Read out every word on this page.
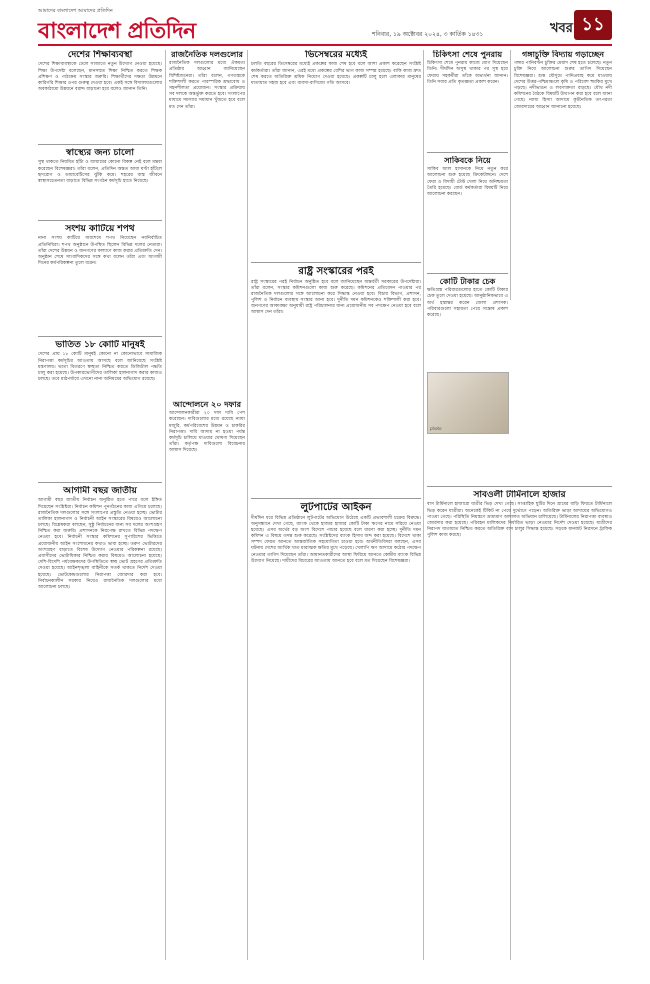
আমাদের বাংলাদেশ আমাদের প্রতিদিন
বাংলাদেশ প্রতিদিন	শনিবার, ১৯ অক্টোবর ২০২৪, ৩ কার্তিক ১৪৩১	খবর ১১
দেশের শিক্ষাব্যবস্থা

দেশের শিক্ষাব্যবস্থাকে ঢেলে সাজাতে নতুন উদ্যোগ নেওয়া হয়েছে। শিক্ষা উপদেষ্টা বলেছেন, মানসম্মত শিক্ষা নিশ্চিত করতে শিক্ষক প্রশিক্ষণ ও পাঠ্যক্রম সংস্কার জরুরি। শিক্ষার্থীদের দক্ষতা উন্নয়নে কারিগরি শিক্ষার ওপর গুরুত্ব দেওয়া হবে। একই সঙ্গে বিদ্যালয়গুলোর অবকাঠামো উন্নয়নে বরাদ্দ বাড়ানো হবে বলেও জানান তিনি।

স্বাস্থ্যের জন্য চালো

সুস্থ থাকতে নিয়মিত হাঁটা ও ব্যায়ামের কোনো বিকল্প নেই বলে মন্তব্য করেছেন বিশেষজ্ঞরা। তাঁরা বলেন, প্রতিদিন অন্তত আধা ঘণ্টা হাঁটলে হৃদরোগ ও ডায়াবেটিসের ঝুঁকি কমে। শহরের ব্যস্ত জীবনে স্বাস্থ্যসচেতনতা বাড়াতে বিভিন্ন সংগঠন কর্মসূচি হাতে নিয়েছে।

সংশয় কাটিয়ে শপথ

নানা সংশয় কাটিয়ে অবশেষে শপথ নিয়েছেন নবনির্বাচিত প্রতিনিধিরা। শপথ অনুষ্ঠানে উপস্থিত ছিলেন বিভিন্ন দলের নেতারা। তাঁরা দেশের উন্নয়ন ও জনগণের কল্যাণে কাজ করার প্রতিশ্রুতি দেন। অনুষ্ঠান শেষে সাংবাদিকদের সঙ্গে কথা বলেন তাঁরা এবং আগামী দিনের কর্মপরিকল্পনা তুলে ধরেন।

ভাতিত ১৮ কোটি মানুষই

দেশের প্রায় ১৮ কোটি মানুষই কোনো না কোনোভাবে সামাজিক নিরাপত্তা কর্মসূচির আওতায় আসছে বলে জানিয়েছে সংশ্লিষ্ট মন্ত্রণালয়। ভাতা বিতরণে স্বচ্ছতা নিশ্চিত করতে ডিজিটাল পদ্ধতি চালু করা হয়েছে। উপকারভোগীদের তালিকা হালনাগাদ করার কাজও চলছে। তবে মাঠপর্যায়ে এখনো নানা অনিয়মের অভিযোগ রয়েছে।

আগামী বছর জাতীয়

আগামী বছর জাতীয় নির্বাচন অনুষ্ঠিত হতে পারে বলে ইঙ্গিত দিয়েছেন সংশ্লিষ্টরা। নির্বাচন কমিশন পুনর্গঠনের কাজ এগিয়ে চলেছে। রাজনৈতিক দলগুলোর সঙ্গে সংলাপের প্রস্তুতি নেওয়া হচ্ছে। ভোটার তালিকা হালনাগাদ ও নির্বাচনী আইন সংস্কারের বিষয়েও আলোচনা চলছে। বিশ্লেষকরা বলছেন, সুষ্ঠু নির্বাচনের জন্য সব দলের অংশগ্রহণ নিশ্চিত করা জরুরি। প্রশাসনকে নিরপেক্ষ রাখতে বিভিন্ন পদক্ষেপ নেওয়া হবে। নির্বাচনী সংস্কার কমিশনের সুপারিশের ভিত্তিতে প্রয়োজনীয় আইন সংশোধনের কথাও ভাবা হচ্ছে। তরুণ ভোটারদের অংশগ্রহণ বাড়াতে বিশেষ উদ্যোগ নেওয়ার পরিকল্পনা রয়েছে। প্রবাসীদের ভোটাধিকার নিশ্চিত করার বিষয়েও আলোচনা হয়েছে। দেশি-বিদেশি পর্যবেক্ষকদের উপস্থিতিতে স্বচ্ছ ভোট গ্রহণের প্রতিশ্রুতি দেওয়া হয়েছে। আইনশৃঙ্খলা বাহিনীকে সতর্ক থাকতে নির্দেশ দেওয়া হয়েছে। ভোটকেন্দ্রগুলোর নিরাপত্তা জোরদার করা হবে। নির্বাচনকালীন সরকার নিয়েও রাজনৈতিক দলগুলোর মধ্যে আলোচনা চলছে।

রাজনৈতিক দলগুলোর

রাজনৈতিক দলগুলোর মধ্যে ঐকমত্য প্রতিষ্ঠার আহ্বান জানিয়েছেন বিশিষ্টজনেরা। তাঁরা বলেন, গণতন্ত্রকে শক্তিশালী করতে পারস্পরিক শ্রদ্ধাবোধ ও সহনশীলতা প্রয়োজন। সংস্কার প্রক্রিয়ায় সব দলকে অন্তর্ভুক্ত করতে হবে। সংলাপের মাধ্যমে সমস্যার সমাধান খুঁজতে হবে বলে মত দেন তাঁরা।

ভিসেম্বরের মধ্যেই

চলতি বছরের ডিসেম্বরের মধ্যেই প্রকল্পের কাজ শেষ হবে বলে আশা প্রকাশ করেছেন সংশ্লিষ্ট কর্মকর্তারা। তাঁরা জানান, এরই মধ্যে প্রকল্পের বেশির ভাগ কাজ সম্পন্ন হয়েছে। বাকি কাজ দ্রুত শেষ করতে অতিরিক্ত শ্রমিক নিয়োগ দেওয়া হয়েছে। প্রকল্পটি চালু হলে এলাকার মানুষের যাতায়াত সহজ হবে এবং ব্যবসা-বাণিজ্যে গতি আসবে।

রাষ্ট্র সংস্কারের পরই

রাষ্ট্র সংস্কারের পরই নির্বাচন অনুষ্ঠিত হবে বলে জানিয়েছেন অন্তর্বর্তী সরকারের উপদেষ্টারা। তাঁরা বলেন, সংস্কার কমিশনগুলো কাজ শুরু করেছে। কমিশনের প্রতিবেদন পাওয়ার পর রাজনৈতিক দলগুলোর সঙ্গে আলোচনা করে সিদ্ধান্ত নেওয়া হবে। বিচার বিভাগ, প্রশাসন, পুলিশ ও নির্বাচন ব্যবস্থায় সংস্কার আনা হবে। দুর্নীতি দমন কমিশনকেও শক্তিশালী করা হবে। জনগণের আকাঙ্ক্ষা অনুযায়ী রাষ্ট্র পরিচালনার জন্য প্রয়োজনীয় সব পদক্ষেপ নেওয়া হবে বলে আশ্বাস দেন তাঁরা।

আন্দোলনে ২০ দফার

আন্দোলনকারীরা ২০ দফা দাবি পেশ করেছেন। দাবিগুলোর মধ্যে রয়েছে ন্যায্য মজুরি, কর্মপরিবেশের উন্নয়ন ও চাকরির নিরাপত্তা। দাবি আদায় না হওয়া পর্যন্ত কর্মসূচি চালিয়ে যাওয়ার ঘোষণা দিয়েছেন তাঁরা। কর্তৃপক্ষ দাবিগুলো বিবেচনার আশ্বাস দিয়েছে।

লুটপাটের আইকন

দীর্ঘদিন ধরে বিভিন্ন প্রতিষ্ঠানে লুটপাটের অভিযোগ উঠেছে একটি প্রভাবশালী চক্রের বিরুদ্ধে। অনুসন্ধানে দেখা গেছে, ব্যাংক থেকে হাজার হাজার কোটি টাকা ঋণের নামে সরিয়ে নেওয়া হয়েছে। এসব অর্থের বড় অংশ বিদেশে পাচার হয়েছে বলে ধারণা করা হচ্ছে। দুর্নীতি দমন কমিশন এ বিষয়ে তদন্ত শুরু করেছে। সংশ্লিষ্টদের ব্যাংক হিসাব জব্দ করা হয়েছে। বিদেশে থাকা সম্পদ ফেরত আনতে আন্তর্জাতিক সহযোগিতা চাওয়া হবে। অর্থনীতিবিদরা বলছেন, এসব ঘটনায় দেশের আর্থিক খাত মারাত্মক ক্ষতির মুখে পড়েছে। খেলাপি ঋণ আদায়ে কঠোর পদক্ষেপ নেওয়ার তাগিদ দিয়েছেন তাঁরা। আমানতকারীদের আস্থা ফিরিয়ে আনতে কেন্দ্রীয় ব্যাংক বিভিন্ন উদ্যোগ নিয়েছে। দায়ীদের বিচারের আওতায় আনতে হবে বলে মত দিয়েছেন বিশেষজ্ঞরা।

চিকিৎসা শেষে পুনরায়

চিকিৎসা শেষে পুনরায় কাজে যোগ দিয়েছেন তিনি। দীর্ঘদিন অসুস্থ থাকার পর সুস্থ হয়ে ফেরায় সহকর্মীরা তাঁকে অভ্যর্থনা জানান। তিনি সবার প্রতি কৃতজ্ঞতা প্রকাশ করেন।

সাকিবকে নিয়ে

সাকিব আল হাসানকে নিয়ে নতুন করে আলোচনা শুরু হয়েছে ক্রিকেটাঙ্গনে। দেশে ফেরা ও বিদায়ী টেস্ট খেলা নিয়ে অনিশ্চয়তা তৈরি হয়েছে। বোর্ড কর্মকর্তারা বিষয়টি নিয়ে আলোচনা করছেন।

কোটি টাকার চেক

ক্ষতিগ্রস্ত পরিবারগুলোর হাতে কোটি টাকার চেক তুলে দেওয়া হয়েছে। আনুষ্ঠানিকভাবে এ অর্থ হস্তান্তর করেন জেলা প্রশাসক। পরিবারগুলো সহায়তা পেয়ে সন্তোষ প্রকাশ করেছে।

গঙ্গাচুক্তি বিদ্যায় গড়াচ্ছেন

গঙ্গার পানিবণ্টন চুক্তির মেয়াদ শেষ হতে চলেছে। নতুন চুক্তি নিয়ে আলোচনা শুরুর তাগিদ দিয়েছেন বিশেষজ্ঞরা। শুষ্ক মৌসুমে পানিপ্রবাহ কমে যাওয়ায় দেশের উত্তর-পশ্চিমাঞ্চলে কৃষি ও পরিবেশ হুমকির মুখে পড়ছে। নদীভাঙন ও লবণাক্ততা বাড়ছে। যৌথ নদী কমিশনের বৈঠকে বিষয়টি উত্থাপন করা হবে বলে জানা গেছে। ন্যায্য হিস্যা আদায়ে কূটনৈতিক তৎপরতা জোরদারের আহ্বান জানানো হয়েছে।

photo
সাবওলী টার্মিনালে হাজার

বাস টার্মিনালে হাজারো যাত্রীর ভিড় দেখা গেছে। সাপ্তাহিক ছুটির দিনে গ্রামের বাড়ি ফিরতে টার্মিনালে ভিড় করেন যাত্রীরা। অনেকেই টিকিট না পেয়ে দুর্ভোগে পড়েন। অতিরিক্ত ভাড়া আদায়ের অভিযোগও পাওয়া গেছে। পরিস্থিতি নিয়ন্ত্রণে ভ্রাম্যমাণ আদালত অভিযান চালিয়েছে। টার্মিনালের নিরাপত্তা ব্যবস্থাও জোরদার করা হয়েছে। পরিবহন মালিকদের নির্ধারিত ভাড়া নেওয়ার নির্দেশ দেওয়া হয়েছে। যাত্রীদের নিরাপদ যাতায়াত নিশ্চিত করতে অতিরিক্ত বাস চালুর সিদ্ধান্ত হয়েছে। সড়কে যানজট নিরসনে ট্রাফিক পুলিশ কাজ করছে।
